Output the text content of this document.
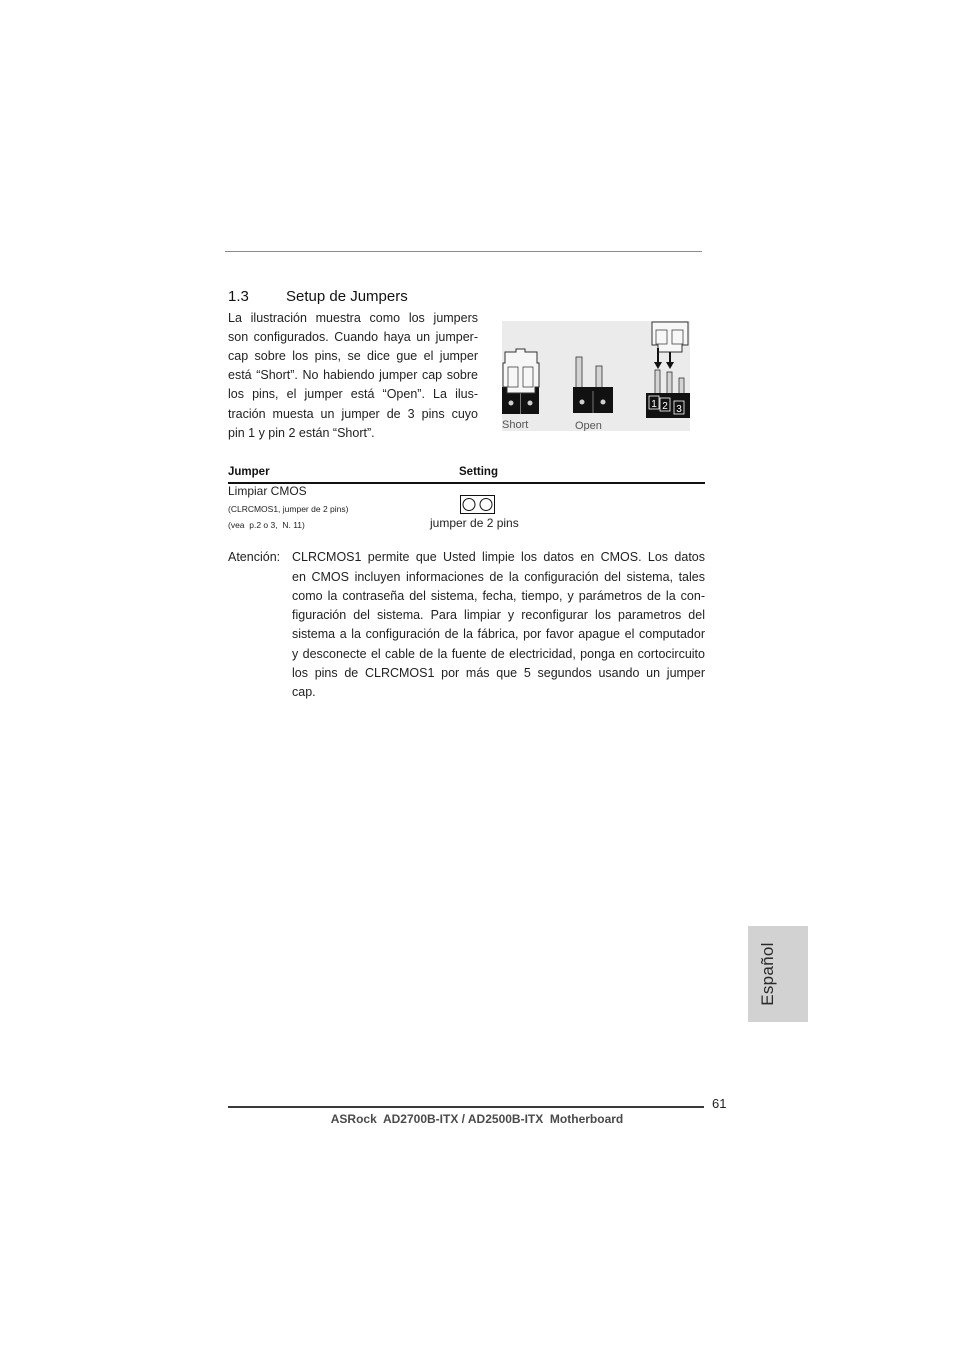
1.3 Setup de Jumpers
La ilustración muestra como los jumpers
son configurados. Cuando haya un jumper-
cap sobre los pins, se dice gue el jumper
está “Short”. No habiendo jumper cap sobre
los pins, el jumper está “Open”. La ilus-
tración muesta un jumper de 3 pins cuyo
pin 1 y pin 2 están “Short”.
1 2 3
Short	Open
Jumper	Setting
Limpiar CMOS
(CLRCMOS1, jumper de 2 pins)
(vea  p.2 o 3,  N. 11)	jumper de 2 pins
Atención: CLRCMOS1 permite que Usted limpie los datos en CMOS. Los datos
en CMOS incluyen informaciones de la configuración del sistema, tales
como la contraseña del sistema, fecha, tiempo, y parámetros de la con-
figuración del sistema. Para limpiar y reconfigurar los parametros del
sistema a la configuración de la fábrica, por favor apague el computador
y desconecte el cable de la fuente de electricidad, ponga en cortocircuito
los pins de CLRCMOS1 por más que 5 segundos usando un jumper
cap.
Español
61
ASRock  AD2700B-ITX / AD2500B-ITX  Motherboard
